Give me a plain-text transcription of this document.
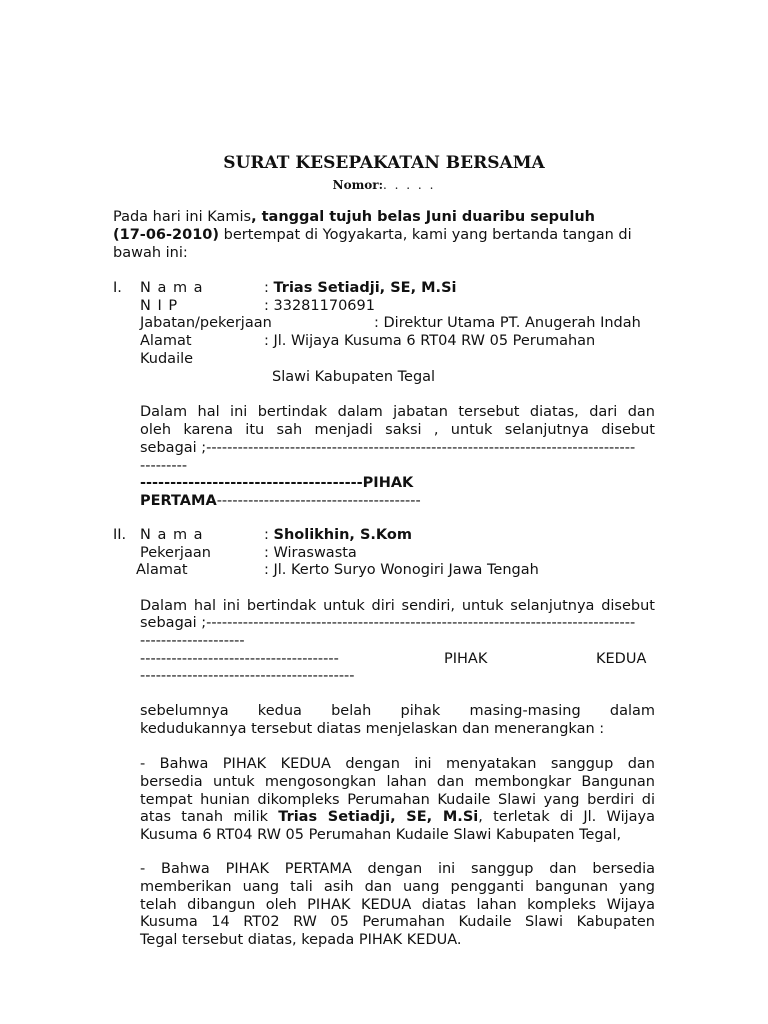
SURAT KESEPAKATAN BERSAMA
Nomor:. . . . .
Pada hari ini Kamis, tanggal tujuh belas Juni duaribu sepuluh
(17-06-2010) bertempat di Yogyakarta, kami yang bertanda tangan di
bawah ini:
I. N a m a	: Trias Setiadji, SE, M.Si
N I P	: 33281170691
Jabatan/pekerjaan	: Direktur Utama PT. Anugerah Indah
Alamat	: Jl. Wijaya Kusuma 6 RT04 RW 05 Perumahan
Kudaile
Slawi Kabupaten Tegal
Dalam hal ini bertindak dalam jabatan tersebut diatas, dari dan
oleh karena itu sah menjadi saksi , untuk selanjutnya disebut
sebagai ;----------------------------------------------------------------------------------
---------
-------------------------------------PIHAK
PERTAMA---------------------------------------
II. N a m a	: Sholikhin, S.Kom
Pekerjaan	: Wiraswasta
Alamat	: Jl. Kerto Suryo Wonogiri Jawa Tengah
Dalam hal ini bertindak untuk diri sendiri, untuk selanjutnya disebut
sebagai ;----------------------------------------------------------------------------------
--------------------
--------------------------------------	PIHAK	KEDUA
-----------------------------------------
sebelumnya kedua belah pihak masing-masing dalam
kedudukannya tersebut diatas menjelaskan dan menerangkan :
- Bahwa PIHAK KEDUA dengan ini menyatakan sanggup dan
bersedia untuk mengosongkan lahan dan membongkar Bangunan
tempat hunian dikompleks Perumahan Kudaile Slawi yang berdiri di
atas tanah milik Trias Setiadji, SE, M.Si, terletak di Jl. Wijaya
Kusuma 6 RT04 RW 05 Perumahan Kudaile Slawi Kabupaten Tegal,
- Bahwa PIHAK PERTAMA dengan ini sanggup dan bersedia
memberikan uang tali asih dan uang pengganti bangunan yang
telah dibangun oleh PIHAK KEDUA diatas lahan kompleks Wijaya
Kusuma 14 RT02 RW 05 Perumahan Kudaile Slawi Kabupaten
Tegal tersebut diatas, kepada PIHAK KEDUA.
